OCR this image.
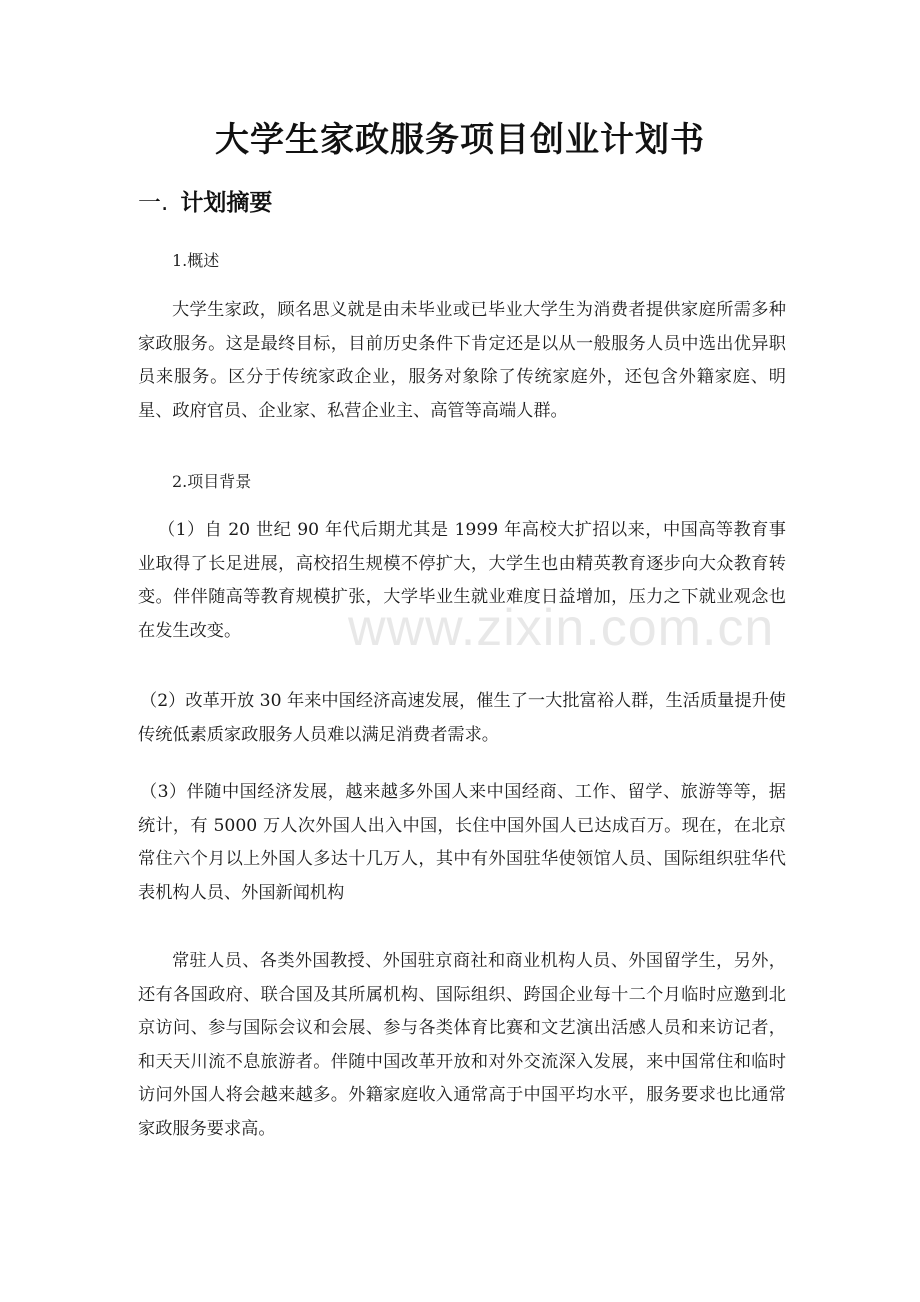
大学生家政服务项目创业计划书
一. 计划摘要

1.概述

大学生家政，顾名思义就是由未毕业或已毕业大学生为消费者提供家庭所需多种家政服务。这是最终目标，目前历史条件下肯定还是以从一般服务人员中选出优异职员来服务。区分于传统家政企业，服务对象除了传统家庭外，还包含外籍家庭、明星、政府官员、企业家、私营企业主、高管等高端人群。

2.项目背景

（1）自 20 世纪 90 年代后期尤其是 1999 年高校大扩招以来，中国高等教育事业取得了长足进展，高校招生规模不停扩大，大学生也由精英教育逐步向大众教育转变。伴伴随高等教育规模扩张，大学毕业生就业难度日益增加，压力之下就业观念也在发生改变。

（2）改革开放 30 年来中国经济高速发展，催生了一大批富裕人群，生活质量提升使传统低素质家政服务人员难以满足消费者需求。

（3）伴随中国经济发展，越来越多外国人来中国经商、工作、留学、旅游等等，据统计，有 5000 万人次外国人出入中国，长住中国外国人已达成百万。现在，在北京常住六个月以上外国人多达十几万人，其中有外国驻华使领馆人员、国际组织驻华代表机构人员、外国新闻机构

常驻人员、各类外国教授、外国驻京商社和商业机构人员、外国留学生，另外，还有各国政府、联合国及其所属机构、国际组织、跨国企业每十二个月临时应邀到北京访问、参与国际会议和会展、参与各类体育比赛和文艺演出活感人员和来访记者，和天天川流不息旅游者。伴随中国改革开放和对外交流深入发展，来中国常住和临时访问外国人将会越来越多。外籍家庭收入通常高于中国平均水平，服务要求也比通常家政服务要求高。

www.zixin.com.cn
